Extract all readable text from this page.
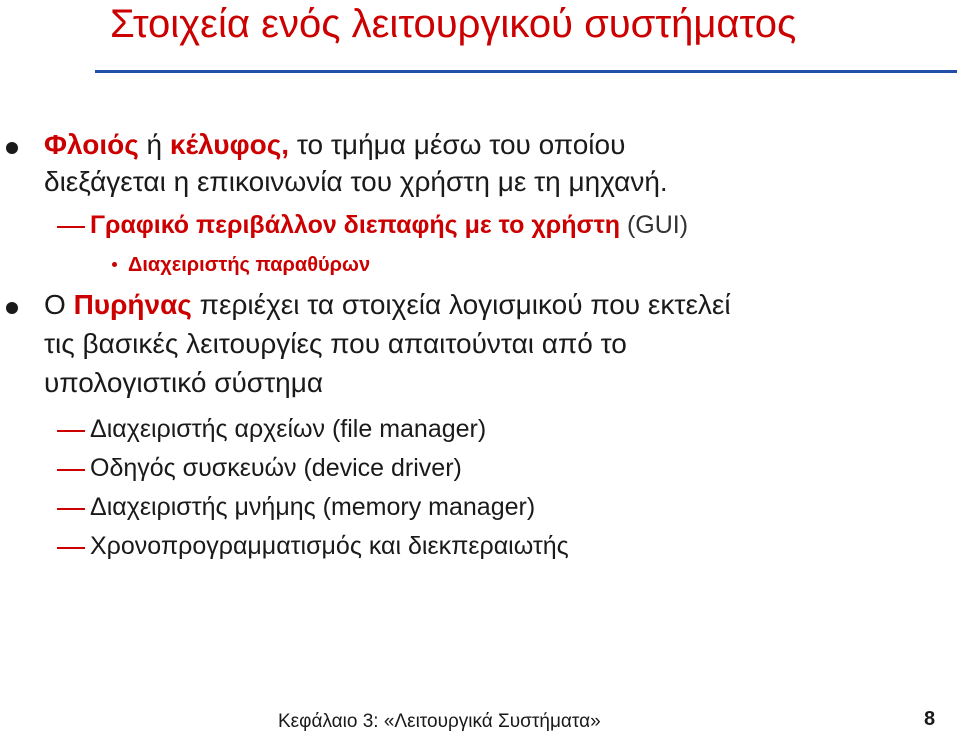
Στοιχεία ενός λειτουργικού συστήματος
Φλοιός ή κέλυφος, το τμήμα μέσω του οποίου
διεξάγεται η επικοινωνία του χρήστη με τη μηχανή.
Γραφικό περιβάλλον διεπαφής με το χρήστη (GUI)
Διαχειριστής παραθύρων
Ο Πυρήνας περιέχει τα στοιχεία λογισμικού που εκτελεί
τις βασικές λειτουργίες που απαιτούνται από το
υπολογιστικό σύστημα
Διαχειριστής αρχείων (file manager)
Οδηγός συσκευών (device driver)
Διαχειριστής μνήμης (memory manager)
Χρονοπρογραμματισμός και διεκπεραιωτής
Κεφάλαιο 3: «Λειτουργικά Συστήματα»	8
